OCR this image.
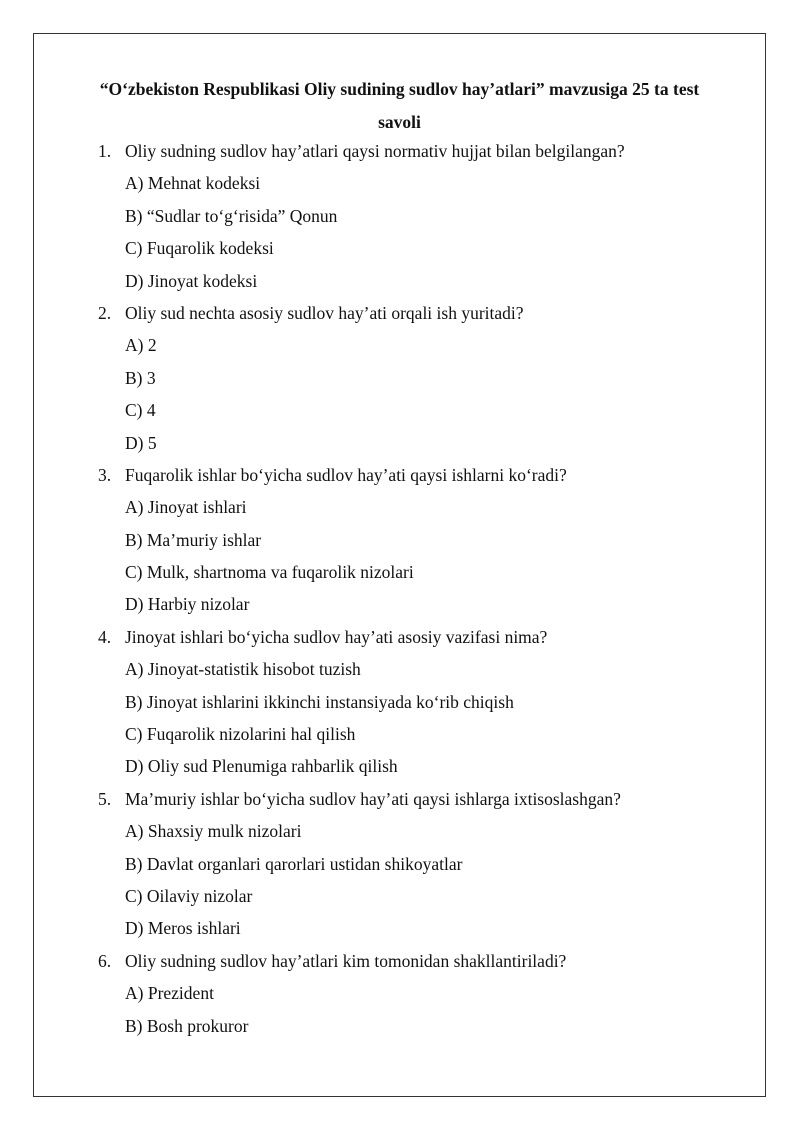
“O‘zbekiston Respublikasi Oliy sudining sudlov hay’atlari” mavzusiga 25 ta test
savoli
1. Oliy sudning sudlov hay’atlari qaysi normativ hujjat bilan belgilangan?
A) Mehnat kodeksi
B) “Sudlar to‘g‘risida” Qonun
C) Fuqarolik kodeksi
D) Jinoyat kodeksi
2. Oliy sud nechta asosiy sudlov hay’ati orqali ish yuritadi?
A) 2
B) 3
C) 4
D) 5
3. Fuqarolik ishlar bo‘yicha sudlov hay’ati qaysi ishlarni ko‘radi?
A) Jinoyat ishlari
B) Ma’muriy ishlar
C) Mulk, shartnoma va fuqarolik nizolari
D) Harbiy nizolar
4. Jinoyat ishlari bo‘yicha sudlov hay’ati asosiy vazifasi nima?
A) Jinoyat-statistik hisobot tuzish
B) Jinoyat ishlarini ikkinchi instansiyada ko‘rib chiqish
C) Fuqarolik nizolarini hal qilish
D) Oliy sud Plenumiga rahbarlik qilish
5. Ma’muriy ishlar bo‘yicha sudlov hay’ati qaysi ishlarga ixtisoslashgan?
A) Shaxsiy mulk nizolari
B) Davlat organlari qarorlari ustidan shikoyatlar
C) Oilaviy nizolar
D) Meros ishlari
6. Oliy sudning sudlov hay’atlari kim tomonidan shakllantiriladi?
A) Prezident
B) Bosh prokuror
